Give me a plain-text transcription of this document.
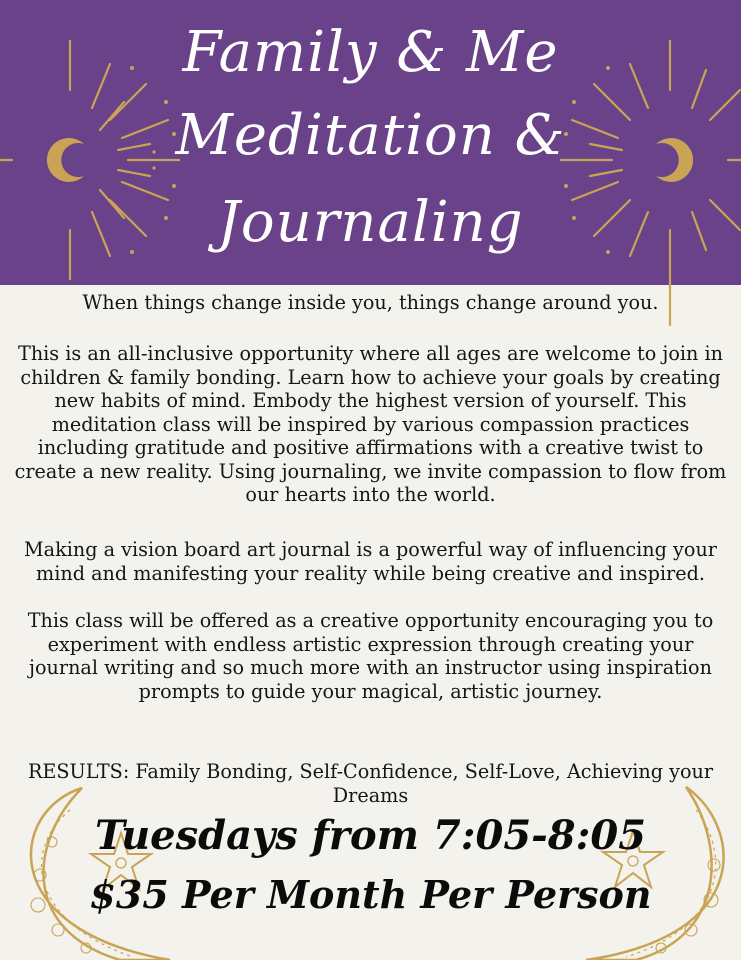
Family & Me
Meditation &
Journaling

When things change inside you, things change around you.

This is an all-inclusive opportunity where all ages are welcome to join in children & family bonding. Learn how to achieve your goals by creating new habits of mind. Embody the highest version of yourself. This meditation class will be inspired by various compassion practices including gratitude and positive affirmations with a creative twist to create a new reality. Using journaling, we invite compassion to flow from our hearts into the world.

Making a vision board art journal is a powerful way of influencing your mind and manifesting your reality while being creative and inspired.

This class will be offered as a creative opportunity encouraging you to experiment with endless artistic expression through creating your journal writing and so much more with an instructor using inspiration prompts to guide your magical, artistic journey.

RESULTS: Family Bonding, Self-Confidence, Self-Love, Achieving your Dreams

Tuesdays from 7:05-8:05
$35 Per Month Per Person
